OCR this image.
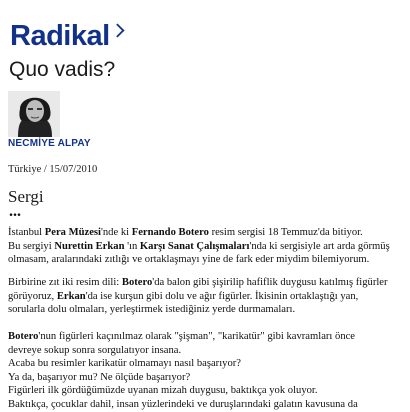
Radikal
Quo vadis?
NECMİYE ALPAY
Türkiye / 15/07/2010
Sergi
...

İstanbul Pera Müzesi'nde ki Fernando Botero resim sergisi 18 Temmuz'da bitiyor.
Bu sergiyi Nurettin Erkan 'ın Karşı Sanat Çalışmaları'nda ki sergisiyle art arda görmüş
olmasam, aralarındaki zıtlığı ve ortaklaşmayı yine de fark eder miydim bilemiyorum.

Birbirine zıt iki resim dili: Botero'da balon gibi şişirilip hafiflik duygusu katılmış figürler
görüyoruz, Erkan'da ise kurşun gibi dolu ve ağır figürler. İkisinin ortaklaştığı yan,
sorularla dolu olmaları, yerleştirmek istediğiniz yerde durmamaları.

Botero'nun figürleri kaçınılmaz olarak "şişman", "karikatür" gibi kavramları önce
devreye sokup sonra sorgulatıyor insana.
Acaba bu resimler karikatür olmamayı nasıl başarıyor?
Ya da, başarıyor mu? Ne ölçüde başarıyor?
Figürleri ilk gördüğümüzde uyanan mizah duygusu, baktıkça yok oluyor.
Baktıkça, çocuklar dahil, insan yüzlerindeki ve duruşlarındaki galatın kavusuna da
